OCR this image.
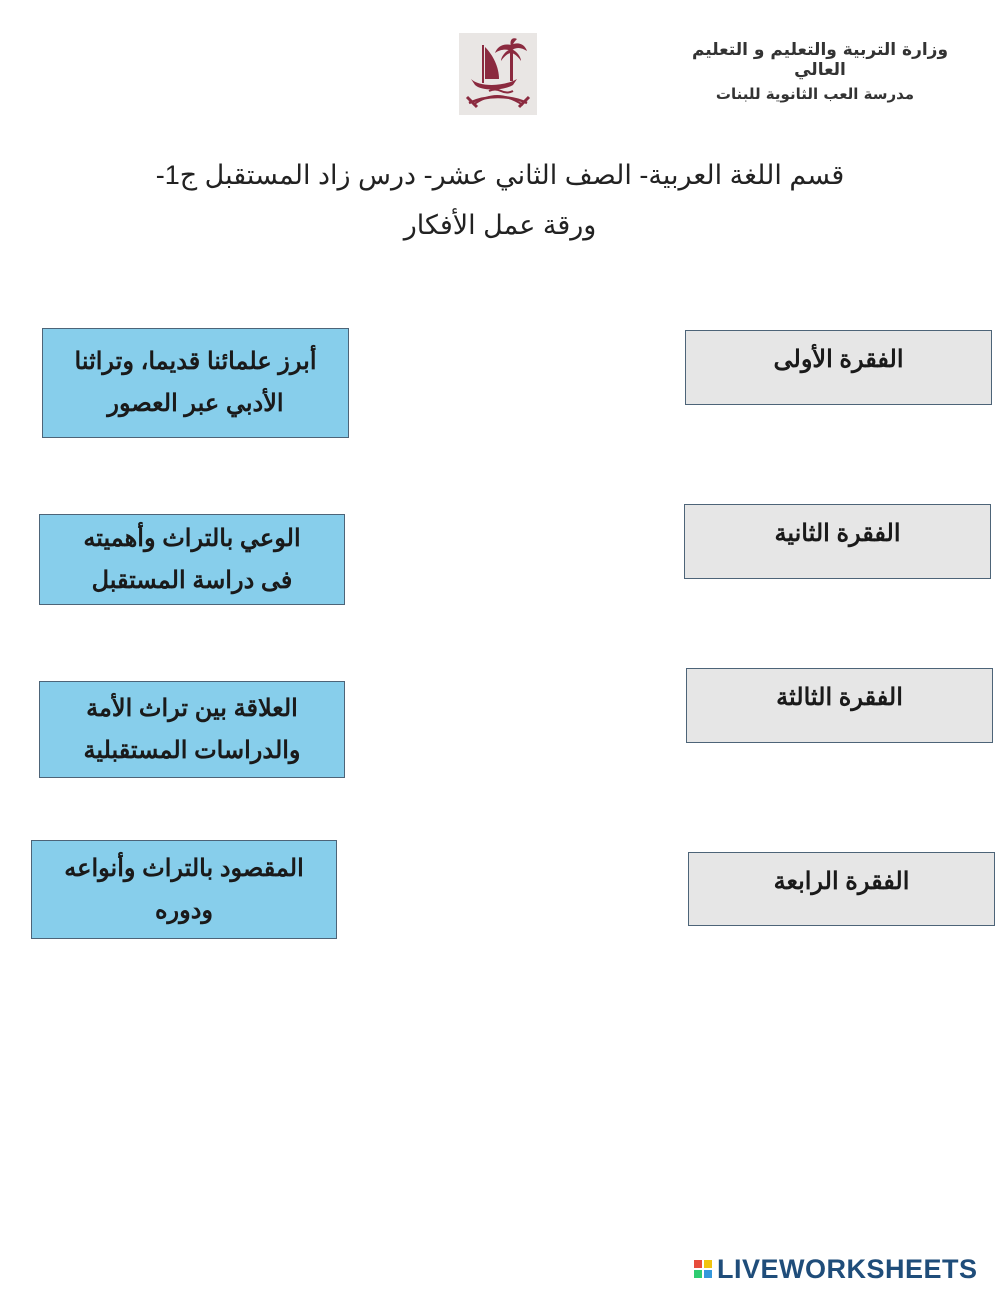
وزارة التربية والتعليم و التعليم العالي
مدرسة العب الثانوية للبنات
قسم اللغة العربية- الصف الثاني عشر- درس زاد المستقبل ج1-
ورقة عمل الأفكار
أبرز علمائنا قديما، وتراثنا
الأدبي عبر العصور
الوعي بالتراث وأهميته
فى دراسة المستقبل
العلاقة بين تراث الأمة
والدراسات المستقبلية
المقصود بالتراث وأنواعه
ودوره
الفقرة الأولى
الفقرة الثانية
الفقرة الثالثة
الفقرة الرابعة
LIVEWORKSHEETS
